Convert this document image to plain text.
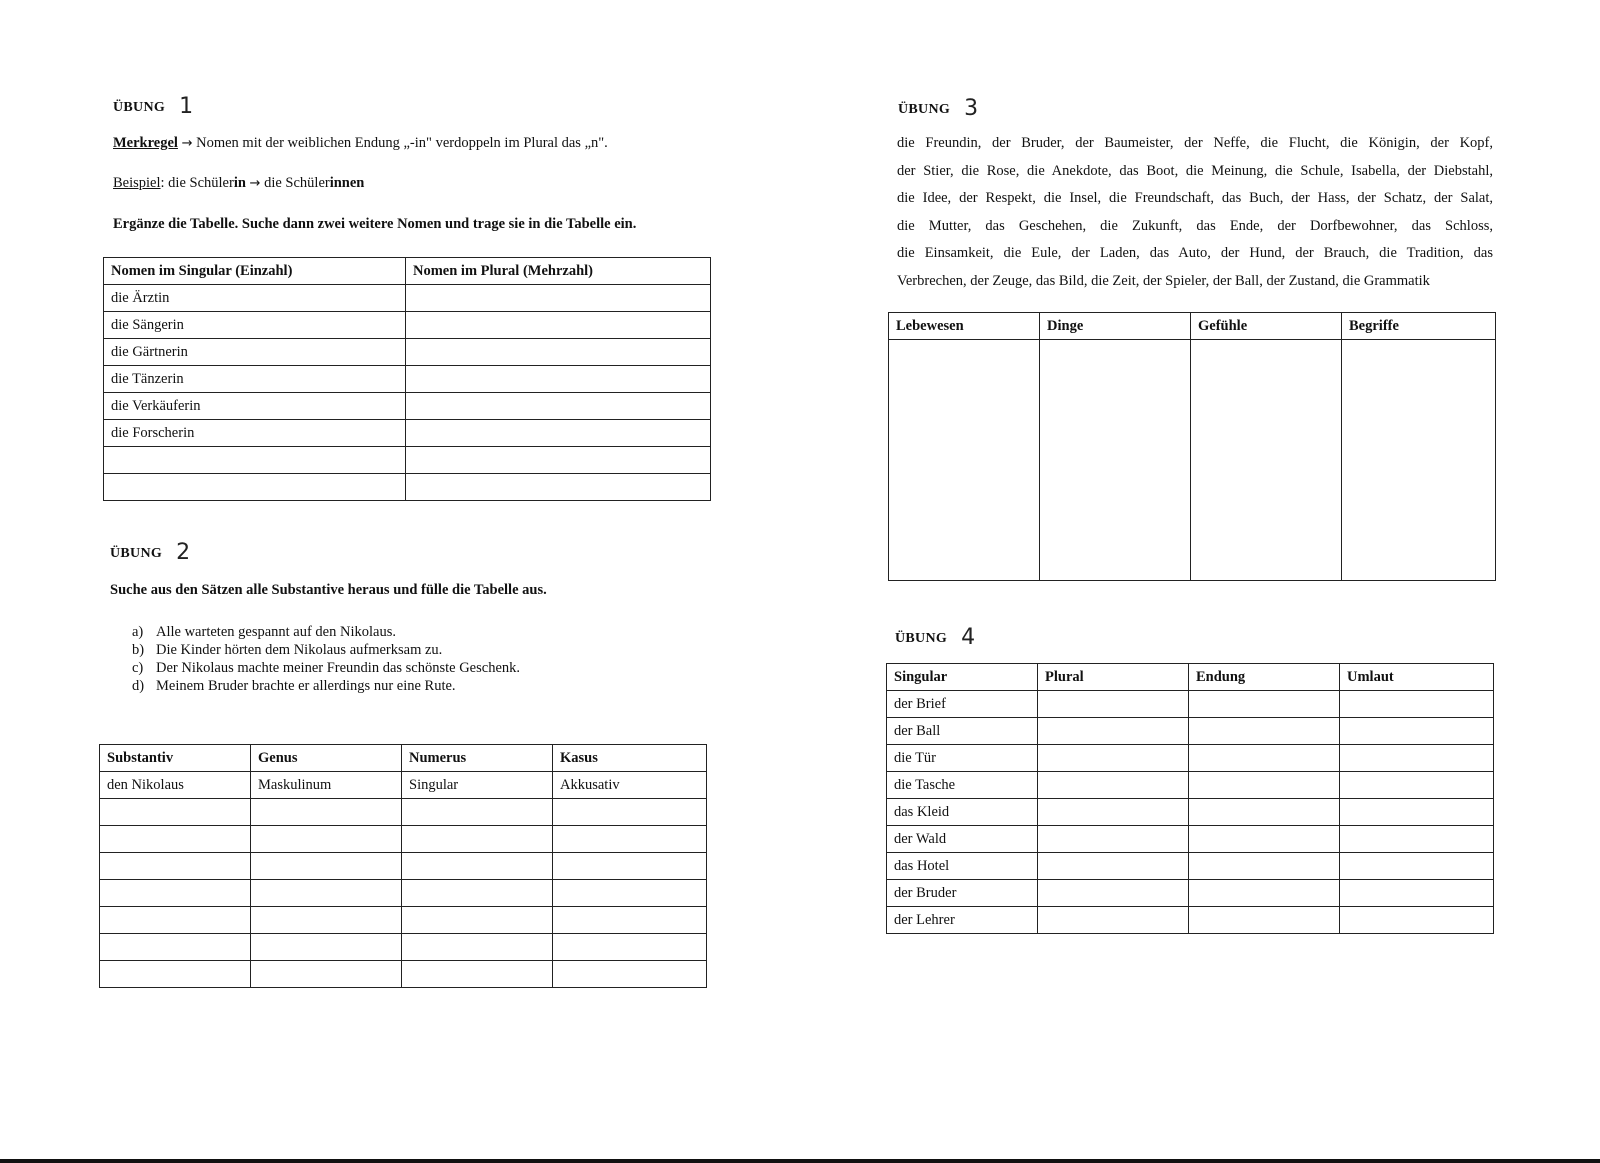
ÜBUNG 1
Merkregel → Nomen mit der weiblichen Endung „-in" verdoppeln im Plural das „n".
Beispiel: die Schülerin → die Schülerinnen
Ergänze die Tabelle. Suche dann zwei weitere Nomen und trage sie in die Tabelle ein.
Nomen im Singular (Einzahl)	Nomen im Plural (Mehrzahl)
die Ärztin	
die Sängerin	
die Gärtnerin	
die Tänzerin	
die Verkäuferin	
die Forscherin	

ÜBUNG 2
Suche aus den Sätzen alle Substantive heraus und fülle die Tabelle aus.
a) Alle warteten gespannt auf den Nikolaus.
b) Die Kinder hörten dem Nikolaus aufmerksam zu.
c) Der Nikolaus machte meiner Freundin das schönste Geschenk.
d) Meinem Bruder brachte er allerdings nur eine Rute.
Substantiv	Genus	Numerus	Kasus
den Nikolaus	Maskulinum	Singular	Akkusativ

ÜBUNG 3
die Freundin, der Bruder, der Baumeister, der Neffe, die Flucht, die Königin, der Kopf,
der Stier, die Rose, die Anekdote, das Boot, die Meinung, die Schule, Isabella, der Diebstahl,
die Idee, der Respekt, die Insel, die Freundschaft, das Buch, der Hass, der Schatz, der Salat,
die Mutter, das Geschehen, die Zukunft, das Ende, der Dorfbewohner, das Schloss,
die Einsamkeit, die Eule, der Laden, das Auto, der Hund, der Brauch, die Tradition, das
Verbrechen, der Zeuge, das Bild, die Zeit, der Spieler, der Ball, der Zustand, die Grammatik
Lebewesen	Dinge	Gefühle	Begriffe

ÜBUNG 4
Singular	Plural	Endung	Umlaut
der Brief			
der Ball			
die Tür			
die Tasche			
das Kleid			
der Wald			
das Hotel			
der Bruder			
der Lehrer			
